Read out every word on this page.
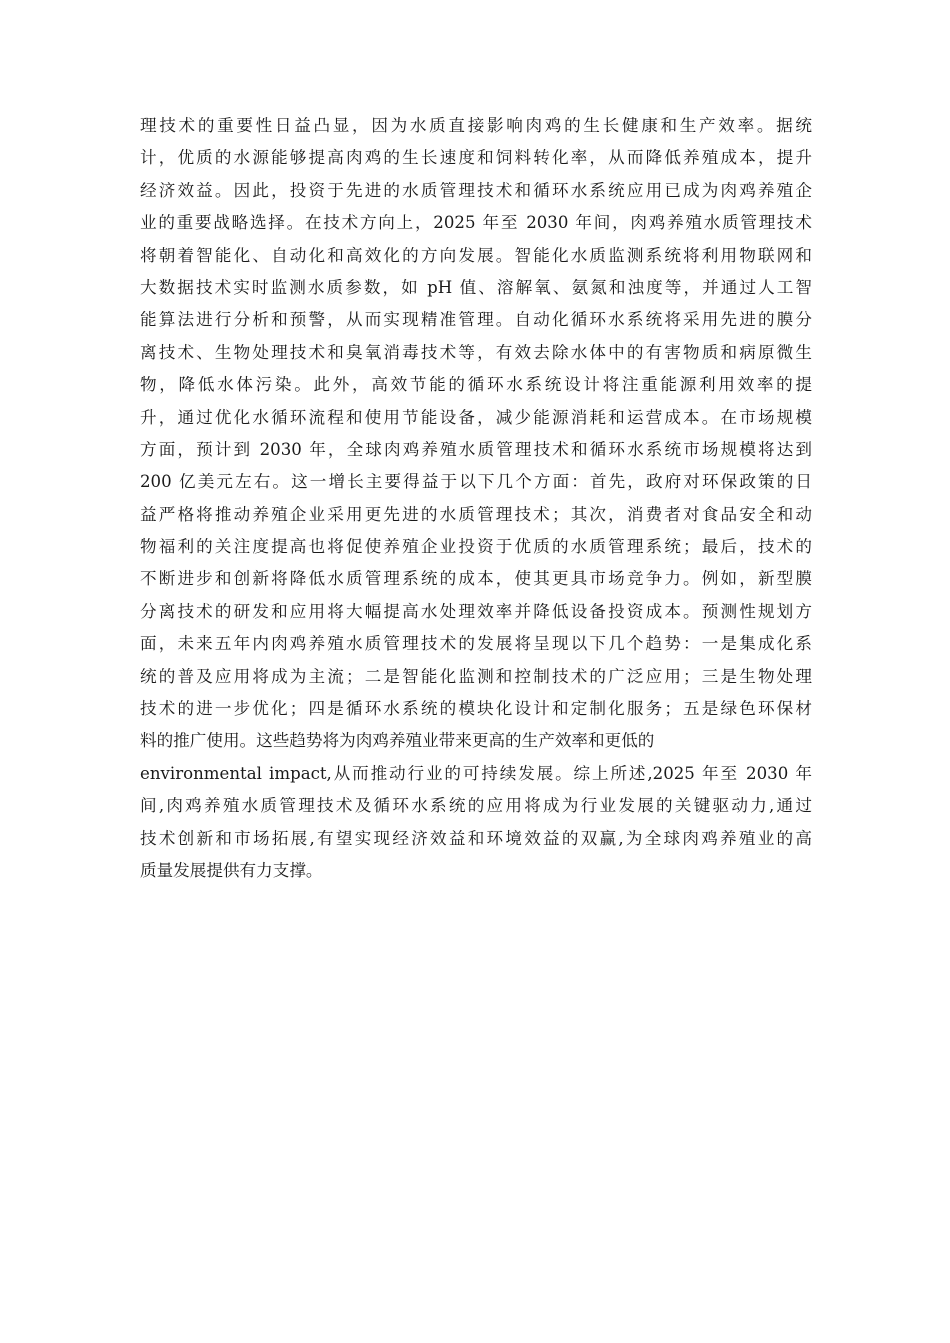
理技术的重要性日益凸显，因为水质直接影响肉鸡的生长健康和生产效率。据统
计，优质的水源能够提高肉鸡的生长速度和饲料转化率，从而降低养殖成本，提升
经济效益。因此，投资于先进的水质管理技术和循环水系统应用已成为肉鸡养殖企
业的重要战略选择。在技术方向上，2025 年至 2030 年间，肉鸡养殖水质管理技术
将朝着智能化、自动化和高效化的方向发展。智能化水质监测系统将利用物联网和
大数据技术实时监测水质参数，如 pH 值、溶解氧、氨氮和浊度等，并通过人工智
能算法进行分析和预警，从而实现精准管理。自动化循环水系统将采用先进的膜分
离技术、生物处理技术和臭氧消毒技术等，有效去除水体中的有害物质和病原微生
物，降低水体污染。此外，高效节能的循环水系统设计将注重能源利用效率的提
升，通过优化水循环流程和使用节能设备，减少能源消耗和运营成本。在市场规模
方面，预计到 2030 年，全球肉鸡养殖水质管理技术和循环水系统市场规模将达到
200 亿美元左右。这一增长主要得益于以下几个方面：首先，政府对环保政策的日
益严格将推动养殖企业采用更先进的水质管理技术；其次，消费者对食品安全和动
物福利的关注度提高也将促使养殖企业投资于优质的水质管理系统；最后，技术的
不断进步和创新将降低水质管理系统的成本，使其更具市场竞争力。例如，新型膜
分离技术的研发和应用将大幅提高水处理效率并降低设备投资成本。预测性规划方
面，未来五年内肉鸡养殖水质管理技术的发展将呈现以下几个趋势：一是集成化系
统的普及应用将成为主流；二是智能化监测和控制技术的广泛应用；三是生物处理
技术的进一步优化；四是循环水系统的模块化设计和定制化服务；五是绿色环保材
料的推广使用。这些趋势将为肉鸡养殖业带来更高的生产效率和更低的
environmental impact,从而推动行业的可持续发展。综上所述,2025 年至 2030 年
间,肉鸡养殖水质管理技术及循环水系统的应用将成为行业发展的关键驱动力,通过
技术创新和市场拓展,有望实现经济效益和环境效益的双赢,为全球肉鸡养殖业的高
质量发展提供有力支撑。
